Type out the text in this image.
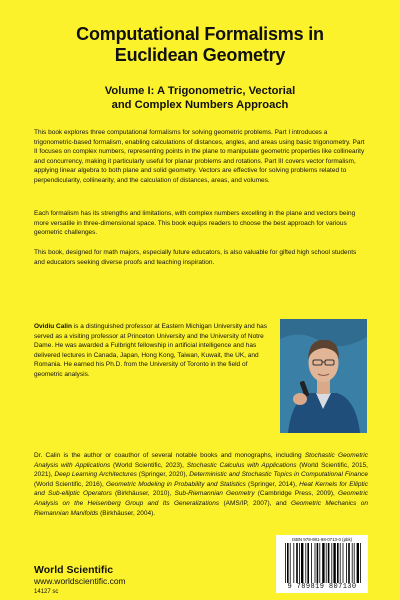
Computational Formalisms in
Euclidean Geometry
Volume I: A Trigonometric, Vectorial
and Complex Numbers Approach

This book explores three computational formalisms for solving geometric problems. Part I introduces a trigonometric-based formalism, enabling calculations of distances, angles, and areas using basic trigonometry. Part II focuses on complex numbers, representing points in the plane to manipulate geometric properties like collinearity and concurrency, making it particularly useful for planar problems and rotations. Part III covers vector formalism, applying linear algebra to both plane and solid geometry. Vectors are effective for solving problems related to perpendicularity, collinearity, and the calculation of distances, areas, and volumes.

Each formalism has its strengths and limitations, with complex numbers excelling in the plane and vectors being more versatile in three-dimensional space. This book equips readers to choose the best approach for various geometric challenges.

This book, designed for math majors, especially future educators, is also valuable for gifted high school students and educators seeking diverse proofs and teaching inspiration.

Ovidiu Calin is a distinguished professor at Eastern Michigan University and has served as a visiting professor at Princeton University and the University of Notre Dame. He was awarded a Fulbright fellowship in artificial intelligence and has delivered lectures in Canada, Japan, Hong Kong, Taiwan, Kuwait, the UK, and Romania. He earned his Ph.D. from the University of Toronto in the field of geometric analysis.

Dr. Calin is the author or coauthor of several notable books and monographs, including Stochastic Geometric Analysis with Applications (World Scientific, 2023), Stochastic Calculus with Applications (World Scientific, 2015, 2021), Deep Learning Architectures (Springer, 2020), Deterministic and Stochastic Topics in Computational Finance (World Scientific, 2016), Geometric Modeling in Probability and Statistics (Springer, 2014), Heat Kernels for Elliptic and Sub-elliptic Operators (Birkhäuser, 2010), Sub-Riemannian Geometry (Cambridge Press, 2009), Geometric Analysis on the Heisenberg Group and Its Generalizations (AMS/IP, 2007), and Geometric Mechanics on Riemannian Manifolds (Birkhäuser, 2004).

World Scientific
www.worldscientific.com
14127 sc
ISBN 978-981-98-0713-0 (pbk)
9 789819 807130
